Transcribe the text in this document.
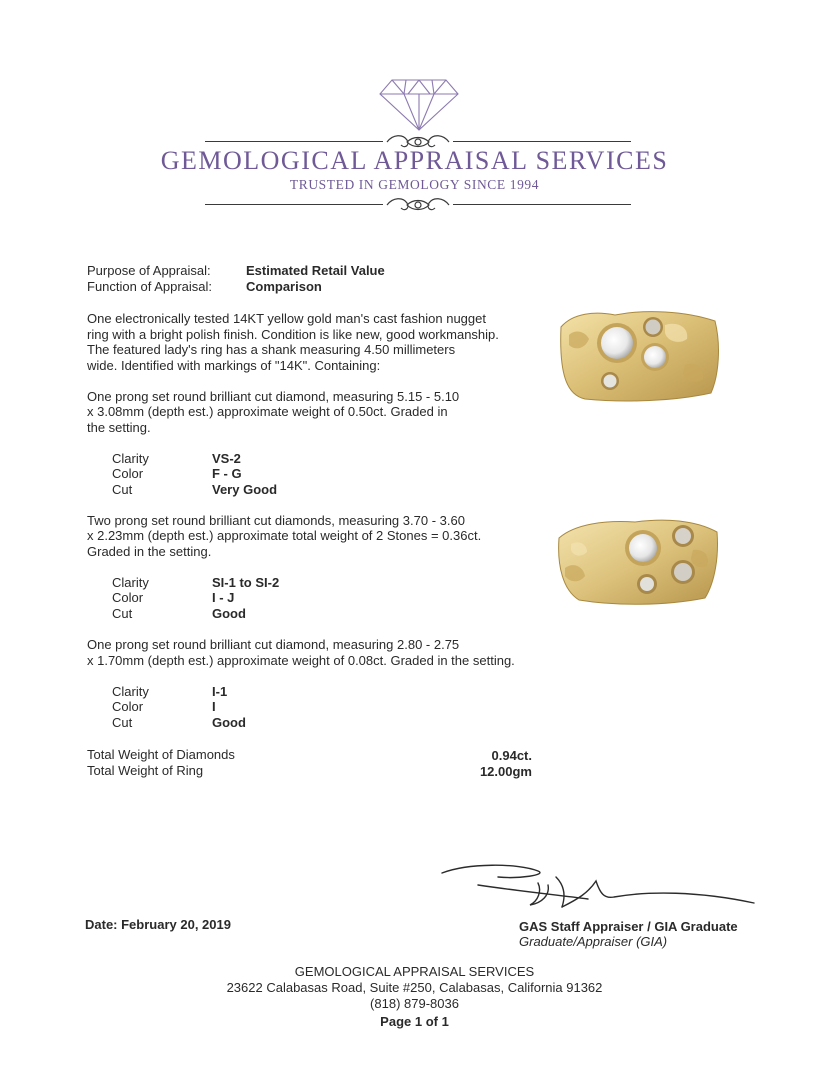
GEMOLOGICAL APPRAISAL SERVICES
TRUSTED IN GEMOLOGY SINCE 1994
Purpose of Appraisal:	Estimated Retail Value
Function of Appraisal:	Comparison
One electronically tested 14KT yellow gold man's cast fashion nugget
ring with a bright polish finish. Condition is like new, good workmanship.
The featured lady's ring has a shank measuring 4.50 millimeters
wide. Identified with markings of "14K". Containing:
One prong set round brilliant cut diamond, measuring 5.15 - 5.10
x 3.08mm (depth est.) approximate weight of 0.50ct. Graded in
the setting.
Clarity	VS-2
Color	F - G
Cut	Very Good
Two prong set round brilliant cut diamonds, measuring 3.70 - 3.60
x 2.23mm (depth est.) approximate total weight of 2 Stones = 0.36ct.
Graded in the setting.
Clarity	SI-1 to SI-2
Color	I - J
Cut	Good
One prong set round brilliant cut diamond, measuring 2.80 - 2.75
x 1.70mm (depth est.) approximate weight of 0.08ct. Graded in the setting.
Clarity	I-1
Color	I
Cut	Good
Total Weight of Diamonds	0.94ct.
Total Weight of Ring	12.00gm
Date: February 20, 2019	GAS Staff Appraiser / GIA Graduate
Graduate/Appraiser (GIA)
GEMOLOGICAL APPRAISAL SERVICES
23622 Calabasas Road, Suite #250, Calabasas, California 91362
(818) 879-8036
Page 1 of 1
